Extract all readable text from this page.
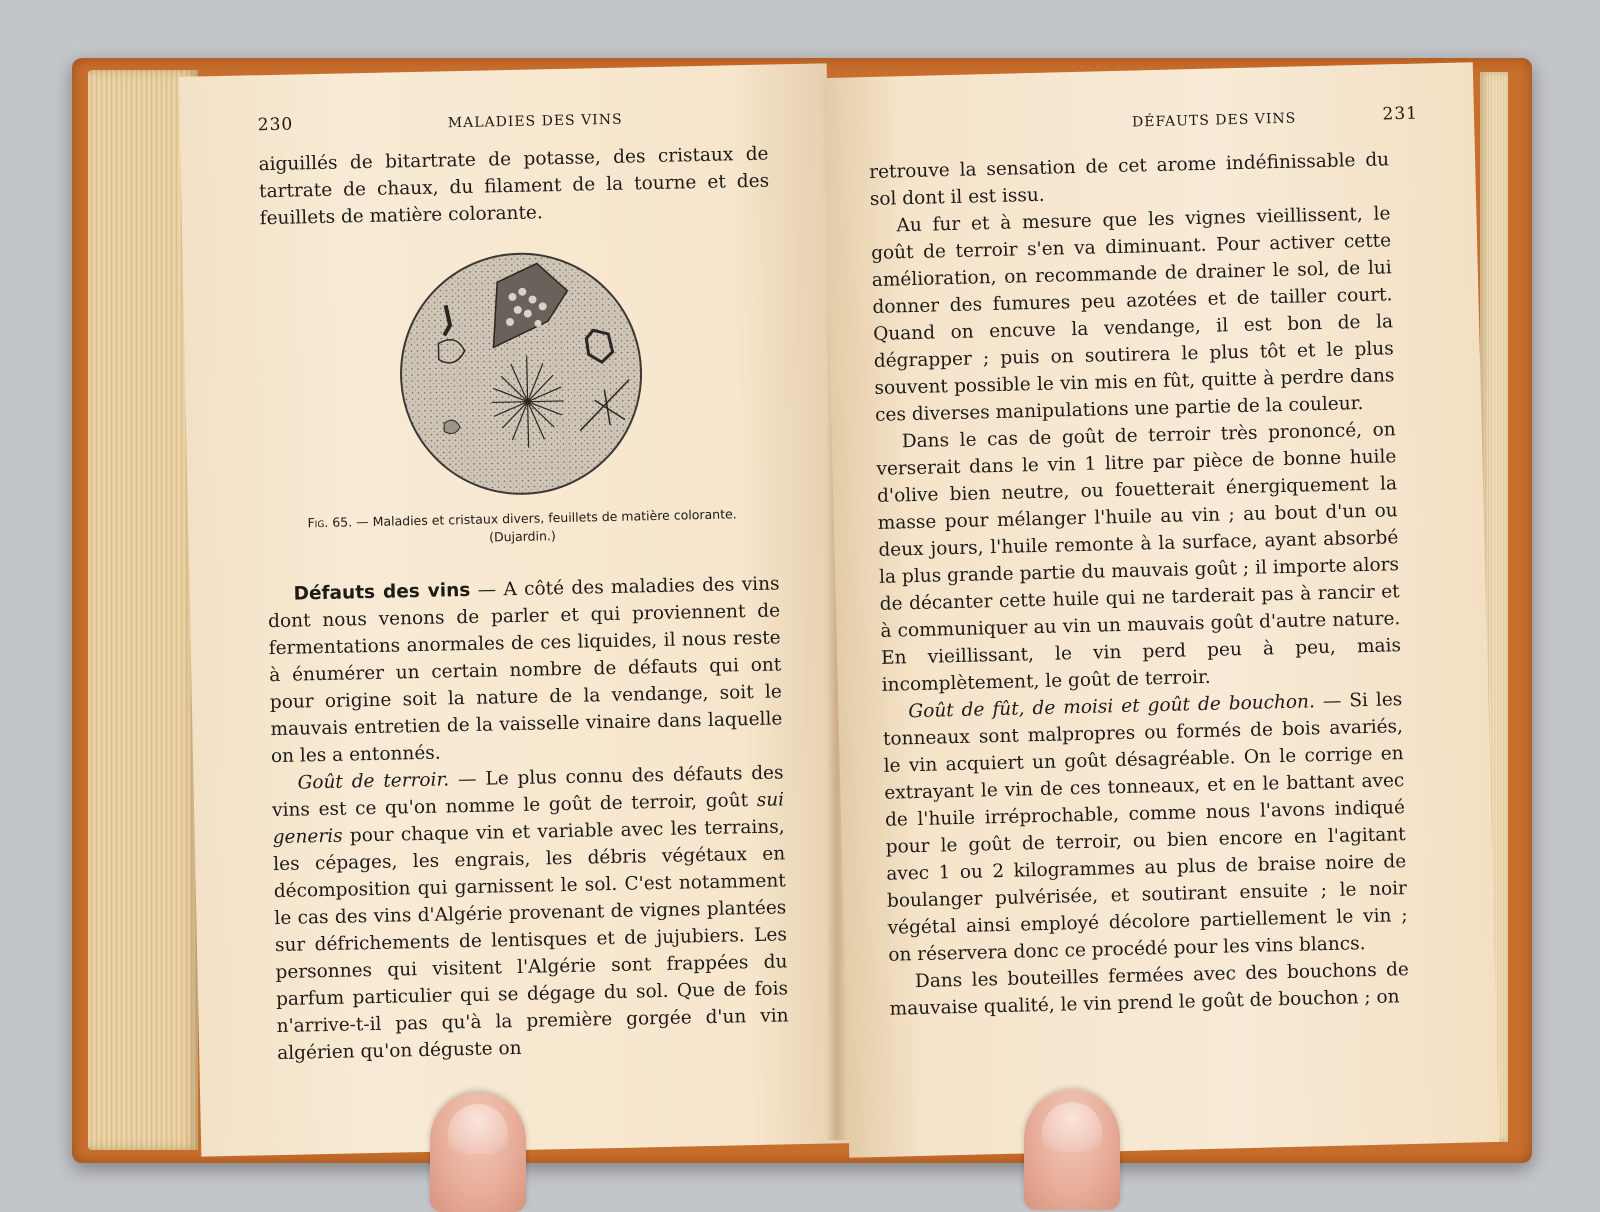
230	MALADIES DES VINS

aiguillés de bitartrate de potasse, des cristaux de tartrate de chaux, du filament de la tourne et des feuillets de matière colorante.

Fig. 65. — Maladies et cristaux divers, feuillets de matière colorante.
(Dujardin.)

Défauts des vins — A côté des maladies des vins dont nous venons de parler et qui proviennent de fermentations anormales de ces liquides, il nous reste à énumérer un certain nombre de défauts qui ont pour origine soit la nature de la vendange, soit le mauvais entretien de la vaisselle vinaire dans laquelle on les a entonnés.

Goût de terroir. — Le plus connu des défauts des vins est ce qu'on nomme le goût de terroir, goût sui generis pour chaque vin et variable avec les terrains, les cépages, les engrais, les débris végétaux en décomposition qui garnissent le sol. C'est notamment le cas des vins d'Algérie provenant de vignes plantées sur défrichements de lentisques et de jujubiers. Les personnes qui visitent l'Algérie sont frappées du parfum particulier qui se dégage du sol. Que de fois n'arrive-t-il pas qu'à la première gorgée d'un vin algérien qu'on déguste on

DÉFAUTS DES VINS	231

retrouve la sensation de cet arome indéfinissable du sol dont il est issu.

Au fur et à mesure que les vignes vieillissent, le goût de terroir s'en va diminuant. Pour activer cette amélioration, on recommande de drainer le sol, de lui donner des fumures peu azotées et de tailler court. Quand on encuve la vendange, il est bon de la dégrapper ; puis on soutirera le plus tôt et le plus souvent possible le vin mis en fût, quitte à perdre dans ces diverses manipulations une partie de la couleur.

Dans le cas de goût de terroir très prononcé, on verserait dans le vin 1 litre par pièce de bonne huile d'olive bien neutre, ou fouetterait énergiquement la masse pour mélanger l'huile au vin ; au bout d'un ou deux jours, l'huile remonte à la surface, ayant absorbé la plus grande partie du mauvais goût ; il importe alors de décanter cette huile qui ne tarderait pas à rancir et à communiquer au vin un mauvais goût d'autre nature. En vieillissant, le vin perd peu à peu, mais incomplètement, le goût de terroir.

Goût de fût, de moisi et goût de bouchon. — Si les tonneaux sont malpropres ou formés de bois avariés, le vin acquiert un goût désagréable. On le corrige en extrayant le vin de ces tonneaux, et en le battant avec de l'huile irréprochable, comme nous l'avons indiqué pour le goût de terroir, ou bien encore en l'agitant avec 1 ou 2 kilogrammes au plus de braise noire de boulanger pulvérisée, et soutirant ensuite ; le noir végétal ainsi employé décolore partiellement le vin ; on réservera donc ce procédé pour les vins blancs.

Dans les bouteilles fermées avec des bouchons de mauvaise qualité, le vin prend le goût de bouchon ; on
